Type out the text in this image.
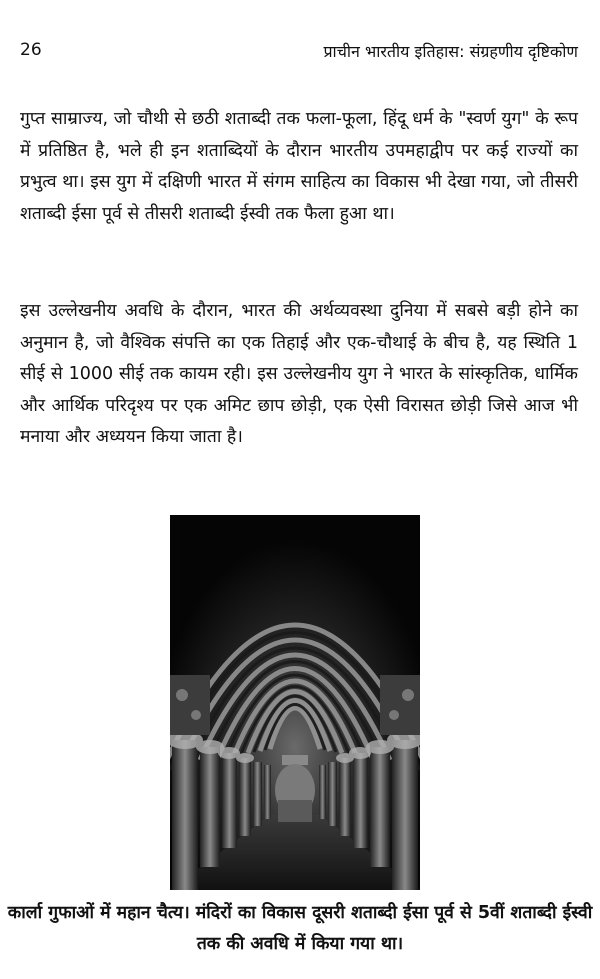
26	प्राचीन भारतीय इतिहास: संग्रहणीय दृष्टिकोण

गुप्त साम्राज्य, जो चौथी से छठी शताब्दी तक फला-फूला, हिंदू धर्म के "स्वर्ण युग" के रूप में प्रतिष्ठित है, भले ही इन शताब्दियों के दौरान भारतीय उपमहाद्वीप पर कई राज्यों का प्रभुत्व था। इस युग में दक्षिणी भारत में संगम साहित्य का विकास भी देखा गया, जो तीसरी शताब्दी ईसा पूर्व से तीसरी शताब्दी ईस्वी तक फैला हुआ था।

इस उल्लेखनीय अवधि के दौरान, भारत की अर्थव्यवस्था दुनिया में सबसे बड़ी होने का अनुमान है, जो वैश्विक संपत्ति का एक तिहाई और एक-चौथाई के बीच है, यह स्थिति 1 सीई से 1000 सीई तक कायम रही। इस उल्लेखनीय युग ने भारत के सांस्कृतिक, धार्मिक और आर्थिक परिदृश्य पर एक अमिट छाप छोड़ी, एक ऐसी विरासत छोड़ी जिसे आज भी मनाया और अध्ययन किया जाता है।

कार्ला गुफाओं में महान चैत्य। मंदिरों का विकास दूसरी शताब्दी ईसा पूर्व से 5वीं शताब्दी ईस्वी तक की अवधि में किया गया था।
